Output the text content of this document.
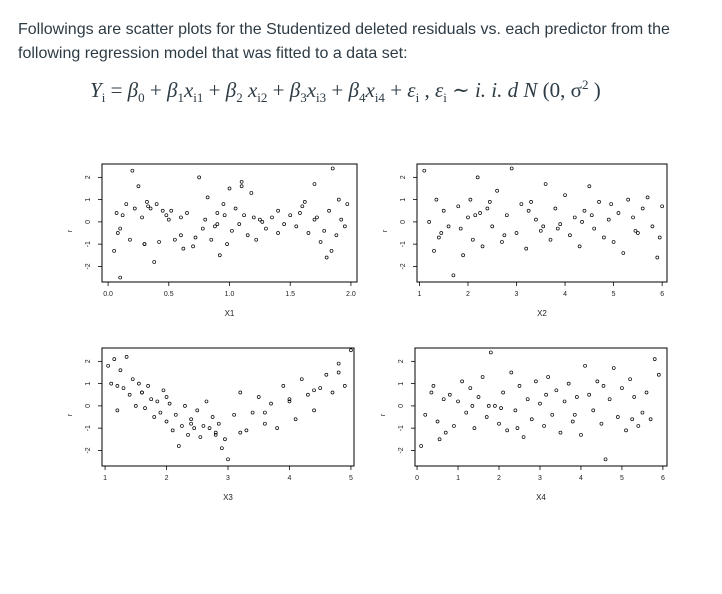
Followings are scatter plots for the Studentized deleted residuals vs. each predictor from the following regression model that was fitted to a data set:
$Y_i = \beta_0 + \beta_1x_{i1} + \beta_2$ $x_{i2} + \beta_3x_{i3} + \beta_4x_{i4} + \varepsilon_i$ , $\varepsilon_i$ ∼ i. i. d N (0, $\sigma^2$ )
0.0	0.5	1.0	1.5	2.0
-2
-1
0
1
2
X1
r
1	2	3	4	5	6
-2
-1
0
1
2
X2
r
1	2	3	4	5
-2
-1
0
1
2
X3
r
0	1	2	3	4	5	6
-2
-1
0
1
2
X4
r
